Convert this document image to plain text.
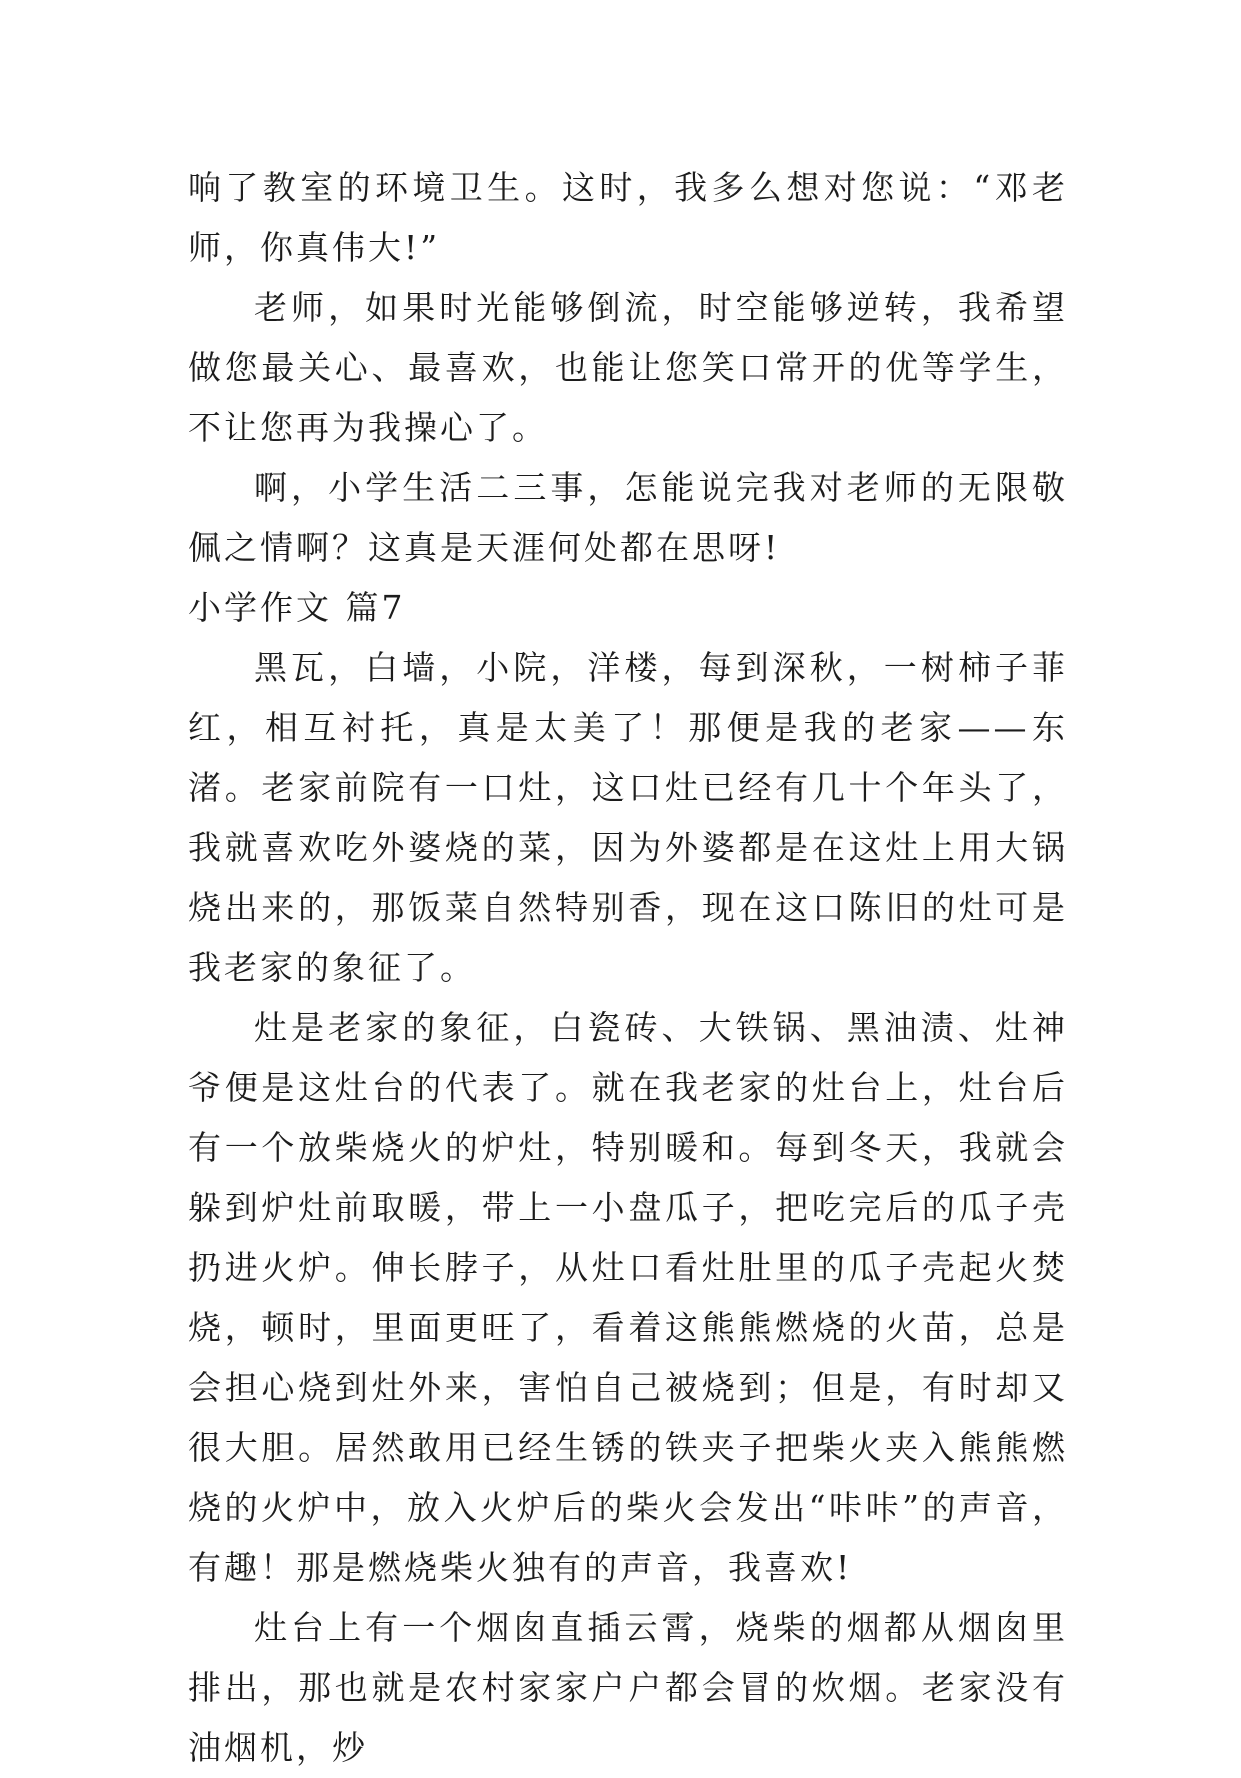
响了教室的环境卫生。这时，我多么想对您说：“邓老师，你真伟大!”

老师，如果时光能够倒流，时空能够逆转，我希望做您最关心、最喜欢，也能让您笑口常开的优等学生，不让您再为我操心了。

啊，小学生活二三事，怎能说完我对老师的无限敬佩之情啊？这真是天涯何处都在思呀!

小学作文 篇7

黑瓦，白墙，小院，洋楼，每到深秋，一树柿子菲红，相互衬托，真是太美了！那便是我的老家——东渚。老家前院有一口灶，这口灶已经有几十个年头了，我就喜欢吃外婆烧的菜，因为外婆都是在这灶上用大锅烧出来的，那饭菜自然特别香，现在这口陈旧的灶可是我老家的象征了。

灶是老家的象征，白瓷砖、大铁锅、黑油渍、灶神爷便是这灶台的代表了。就在我老家的灶台上，灶台后有一个放柴烧火的炉灶，特别暖和。每到冬天，我就会躲到炉灶前取暖，带上一小盘瓜子，把吃完后的瓜子壳扔进火炉。伸长脖子，从灶口看灶肚里的瓜子壳起火焚烧，顿时，里面更旺了，看着这熊熊燃烧的火苗，总是会担心烧到灶外来，害怕自己被烧到；但是，有时却又很大胆。居然敢用已经生锈的铁夹子把柴火夹入熊熊燃烧的火炉中，放入火炉后的柴火会发出“咔咔”的声音，有趣！那是燃烧柴火独有的声音，我喜欢!

灶台上有一个烟囱直插云霄，烧柴的烟都从烟囱里排出，那也就是农村家家户户都会冒的炊烟。老家没有油烟机，炒
